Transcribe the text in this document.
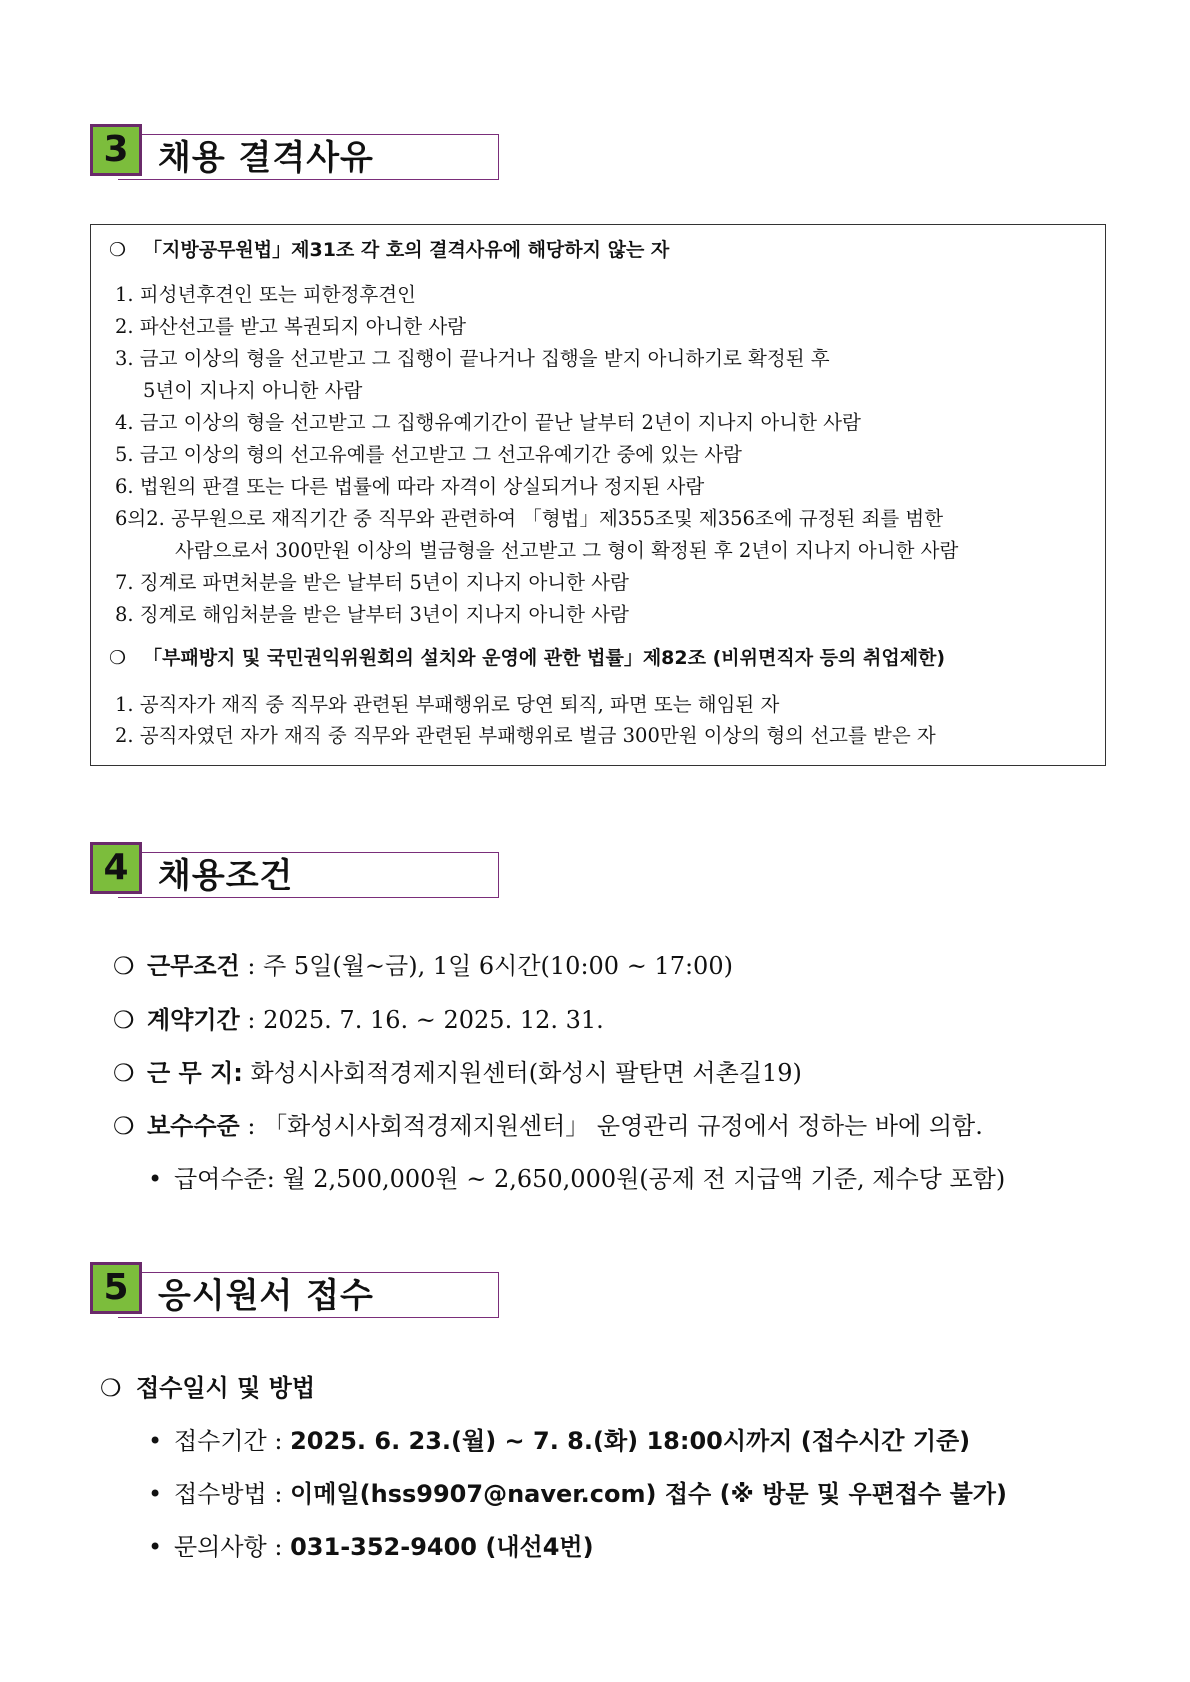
3 채용 결격사유
❍ 「지방공무원법」제31조 각 호의 결격사유에 해당하지 않는 자
1. 피성년후견인 또는 피한정후견인
2. 파산선고를 받고 복권되지 아니한 사람
3. 금고 이상의 형을 선고받고 그 집행이 끝나거나 집행을 받지 아니하기로 확정된 후
5년이 지나지 아니한 사람
4. 금고 이상의 형을 선고받고 그 집행유예기간이 끝난 날부터 2년이 지나지 아니한 사람
5. 금고 이상의 형의 선고유예를 선고받고 그 선고유예기간 중에 있는 사람
6. 법원의 판결 또는 다른 법률에 따라 자격이 상실되거나 정지된 사람
6의2. 공무원으로 재직기간 중 직무와 관련하여 「형법」제355조및 제356조에 규정된 죄를 범한
사람으로서 300만원 이상의 벌금형을 선고받고 그 형이 확정된 후 2년이 지나지 아니한 사람
7. 징계로 파면처분을 받은 날부터 5년이 지나지 아니한 사람
8. 징계로 해임처분을 받은 날부터 3년이 지나지 아니한 사람
❍ 「부패방지 및 국민권익위원회의 설치와 운영에 관한 법률」제82조 (비위면직자 등의 취업제한)
1. 공직자가 재직 중 직무와 관련된 부패행위로 당연 퇴직, 파면 또는 해임된 자
2. 공직자였던 자가 재직 중 직무와 관련된 부패행위로 벌금 300만원 이상의 형의 선고를 받은 자
4 채용조건
❍ 근무조건 : 주 5일(월~금), 1일 6시간(10:00 ~ 17:00)
❍ 계약기간 : 2025. 7. 16. ~ 2025. 12. 31.
❍ 근 무 지: 화성시사회적경제지원센터(화성시 팔탄면 서촌길19)
❍ 보수수준 : 「화성시사회적경제지원센터」 운영관리 규정에서 정하는 바에 의함.
• 급여수준: 월 2,500,000원 ~ 2,650,000원(공제 전 지급액 기준, 제수당 포함)
5 응시원서 접수
❍ 접수일시 및 방법
• 접수기간 : 2025. 6. 23.(월) ~ 7. 8.(화) 18:00시까지 (접수시간 기준)
• 접수방법 : 이메일(hss9907@naver.com) 접수 (※ 방문 및 우편접수 불가)
• 문의사항 : 031-352-9400 (내선4번)
